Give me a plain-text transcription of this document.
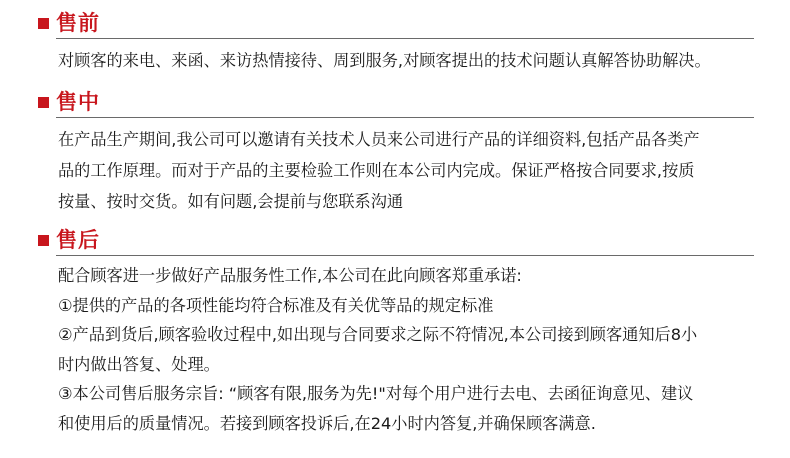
售前

对顾客的来电、来函、来访热情接待、周到服务,对顾客提出的技术问题认真解答协助解决。

售中

在产品生产期间,我公司可以邀请有关技术人员来公司进行产品的详细资料,包括产品各类产

品的工作原理。而对于产品的主要检验工作则在本公司内完成。保证严格按合同要求,按质

按量、按时交货。如有问题,会提前与您联系沟通

售后

配合顾客进一步做好产品服务性工作,本公司在此向顾客郑重承诺:

①提供的产品的各项性能均符合标准及有关优等品的规定标准

②产品到货后,顾客验收过程中,如出现与合同要求之际不符情况,本公司接到顾客通知后8小

时内做出答复、处理。

③本公司售后服务宗旨: “顾客有限,服务为先!"对每个用户进行去电、去函征询意见、建议

和使用后的质量情况。若接到顾客投诉后,在24小时内答复,并确保顾客满意.
